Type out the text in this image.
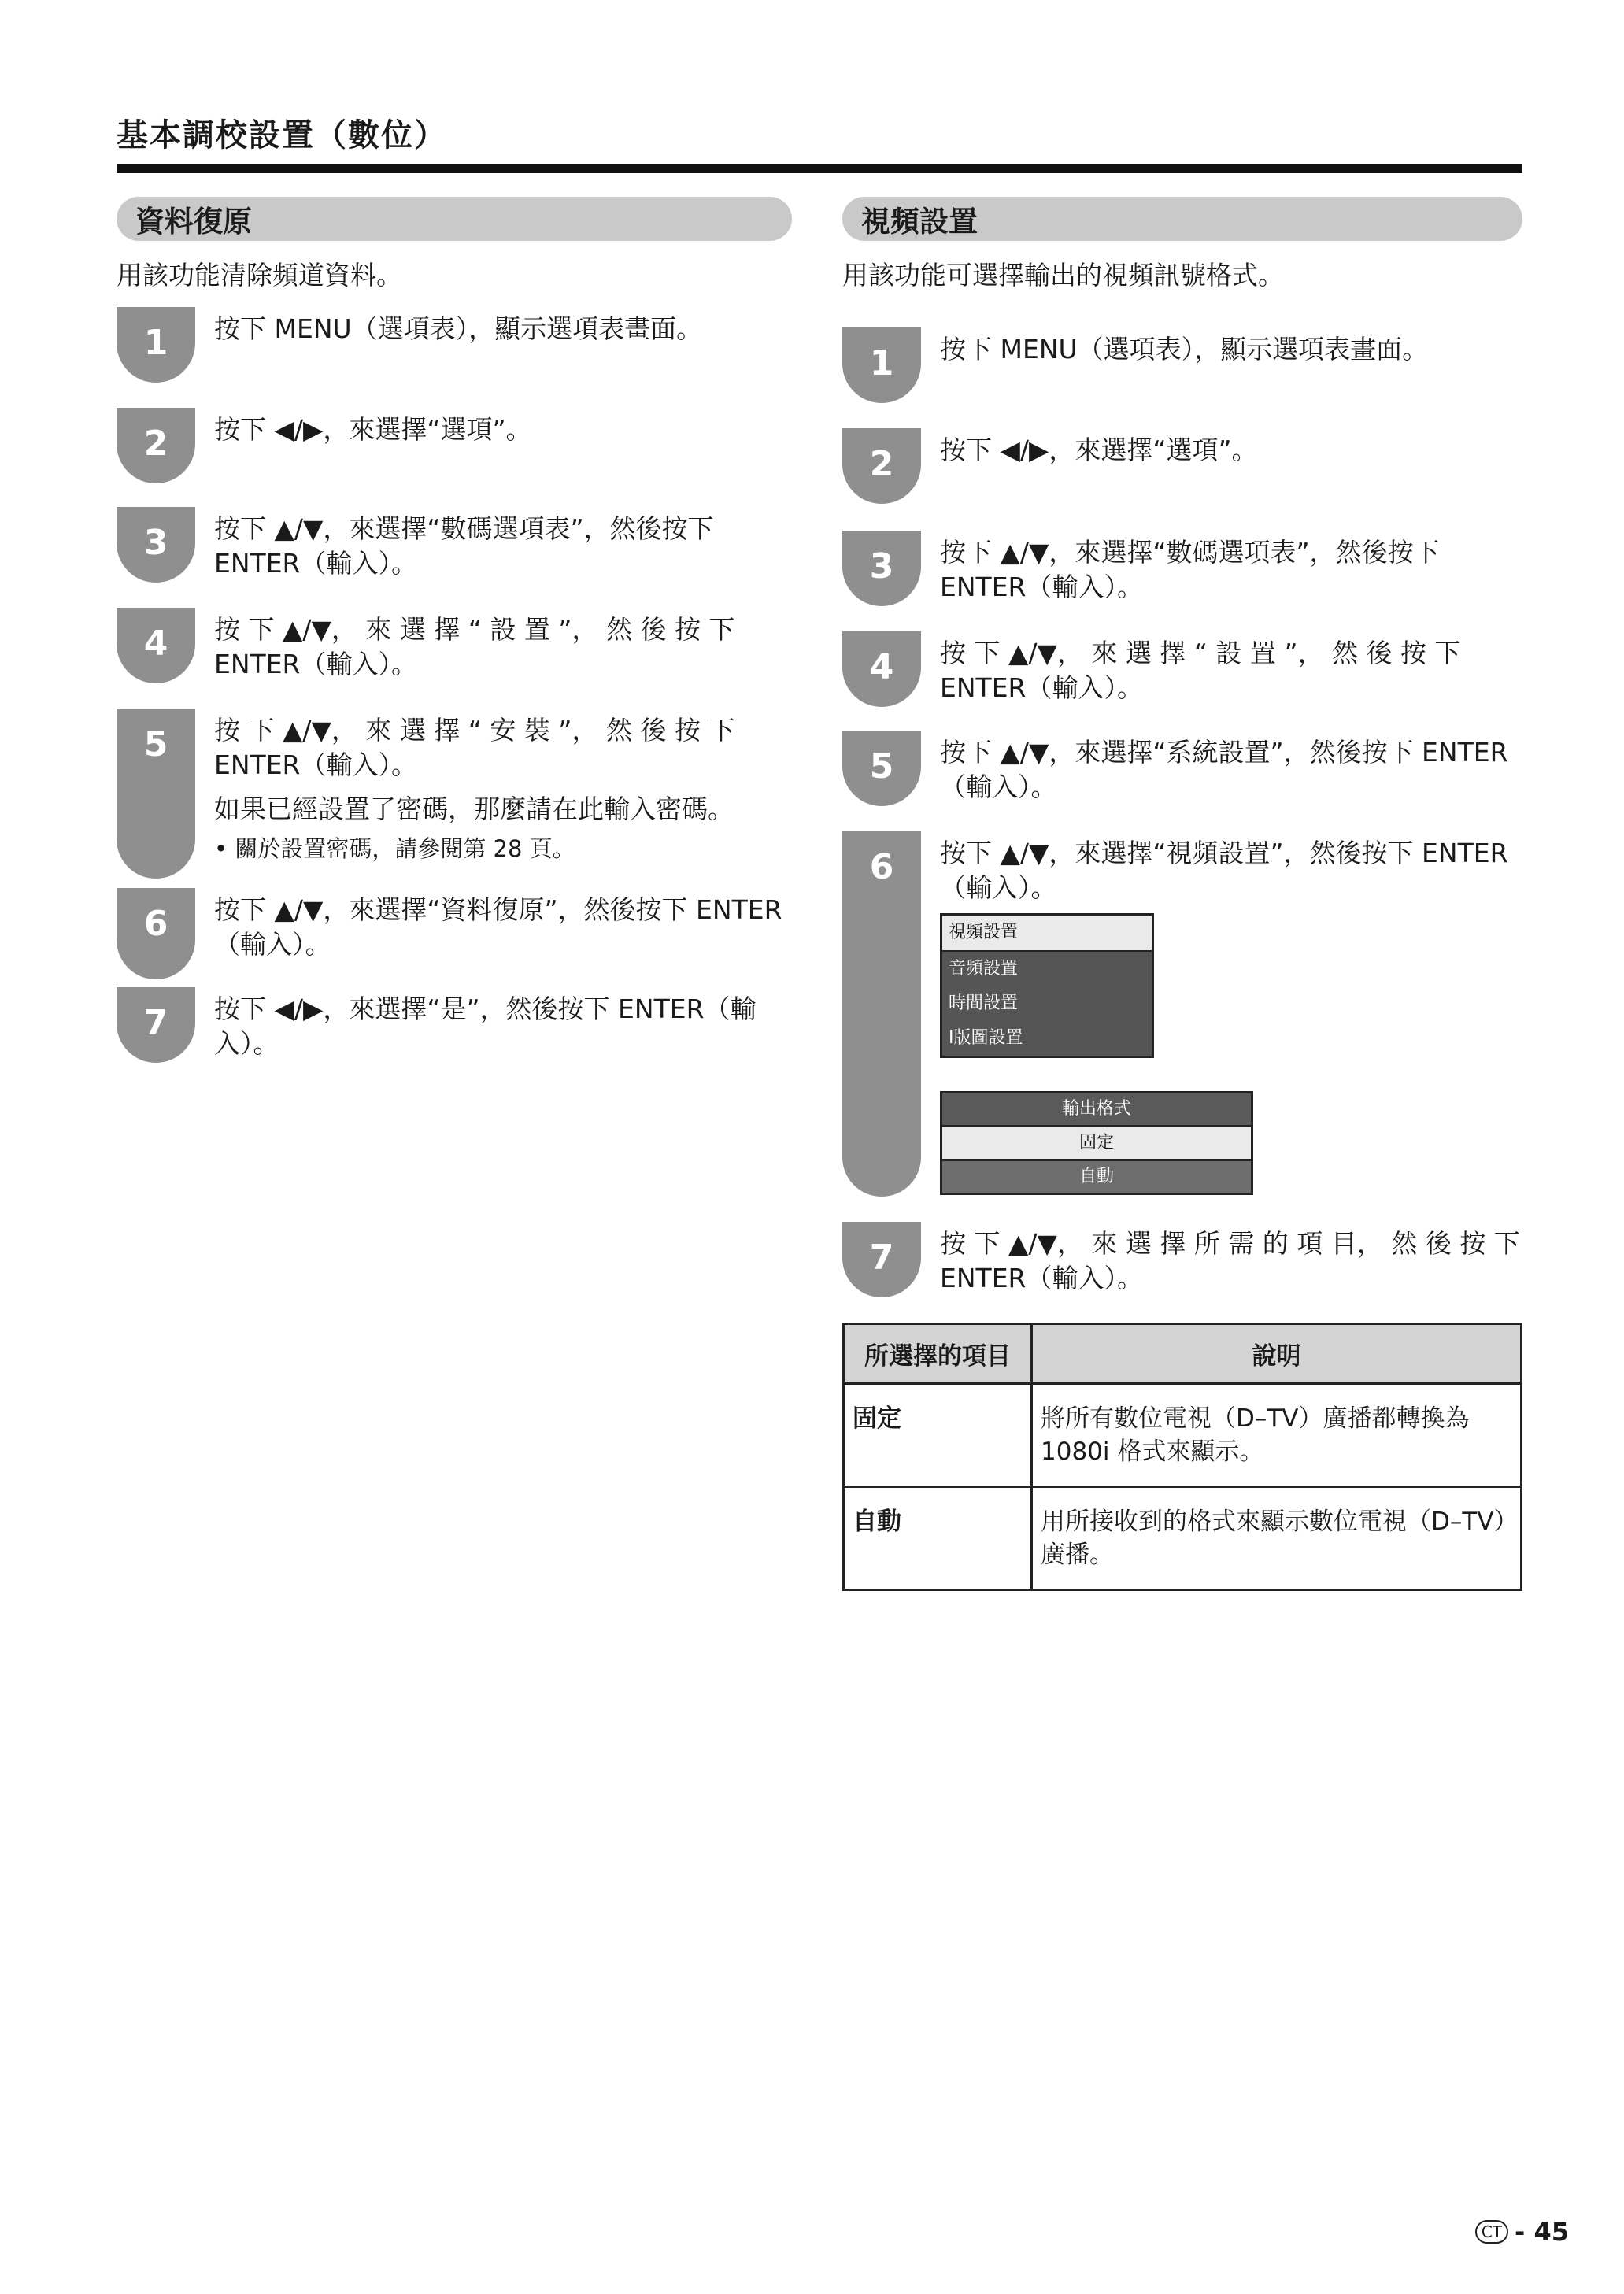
基本調校設置（數位）
資料復原
用該功能清除頻道資料。
1	按下 MENU（選項表），顯示選項表畫面。
2	按下 ◀/▶，來選擇“選項”。
3	按下 ▲/▼，來選擇“數碼選項表”，然後按下 ENTER（輸入）。
4	按 下 ▲/▼， 來 選 擇 “ 設 置 ”， 然 後 按 下 ENTER（輸入）。
5	按 下 ▲/▼， 來 選 擇 “ 安 裝 ”， 然 後 按 下 ENTER（輸入）。
如果已經設置了密碼，那麼請在此輸入密碼。
• 關於設置密碼，請參閱第 28 頁。
6	按下 ▲/▼，來選擇“資料復原”，然後按下 ENTER（輸入）。
7	按下 ◀/▶，來選擇“是”，然後按下 ENTER（輸入）。
視頻設置
用該功能可選擇輸出的視頻訊號格式。
1	按下 MENU（選項表），顯示選項表畫面。
2	按下 ◀/▶，來選擇“選項”。
3	按下 ▲/▼，來選擇“數碼選項表”，然後按下 ENTER（輸入）。
4	按 下 ▲/▼， 來 選 擇 “ 設 置 ”， 然 後 按 下 ENTER（輸入）。
5	按下 ▲/▼，來選擇“系統設置”，然後按下 ENTER（輸入）。
6	按下 ▲/▼，來選擇“視頻設置”，然後按下 ENTER（輸入）。
視頻設置
音頻設置
時間設置
I版圖設置
輸出格式
固定
自動
7	按 下 ▲/▼， 來 選 擇 所 需 的 項 目， 然 後 按 下 ENTER（輸入）。
所選擇的項目	說明
固定	將所有數位電視（D–TV）廣播都轉換為 1080i 格式來顯示。
自動	用所接收到的格式來顯示數位電視（D–TV）廣播。
CT - 45
